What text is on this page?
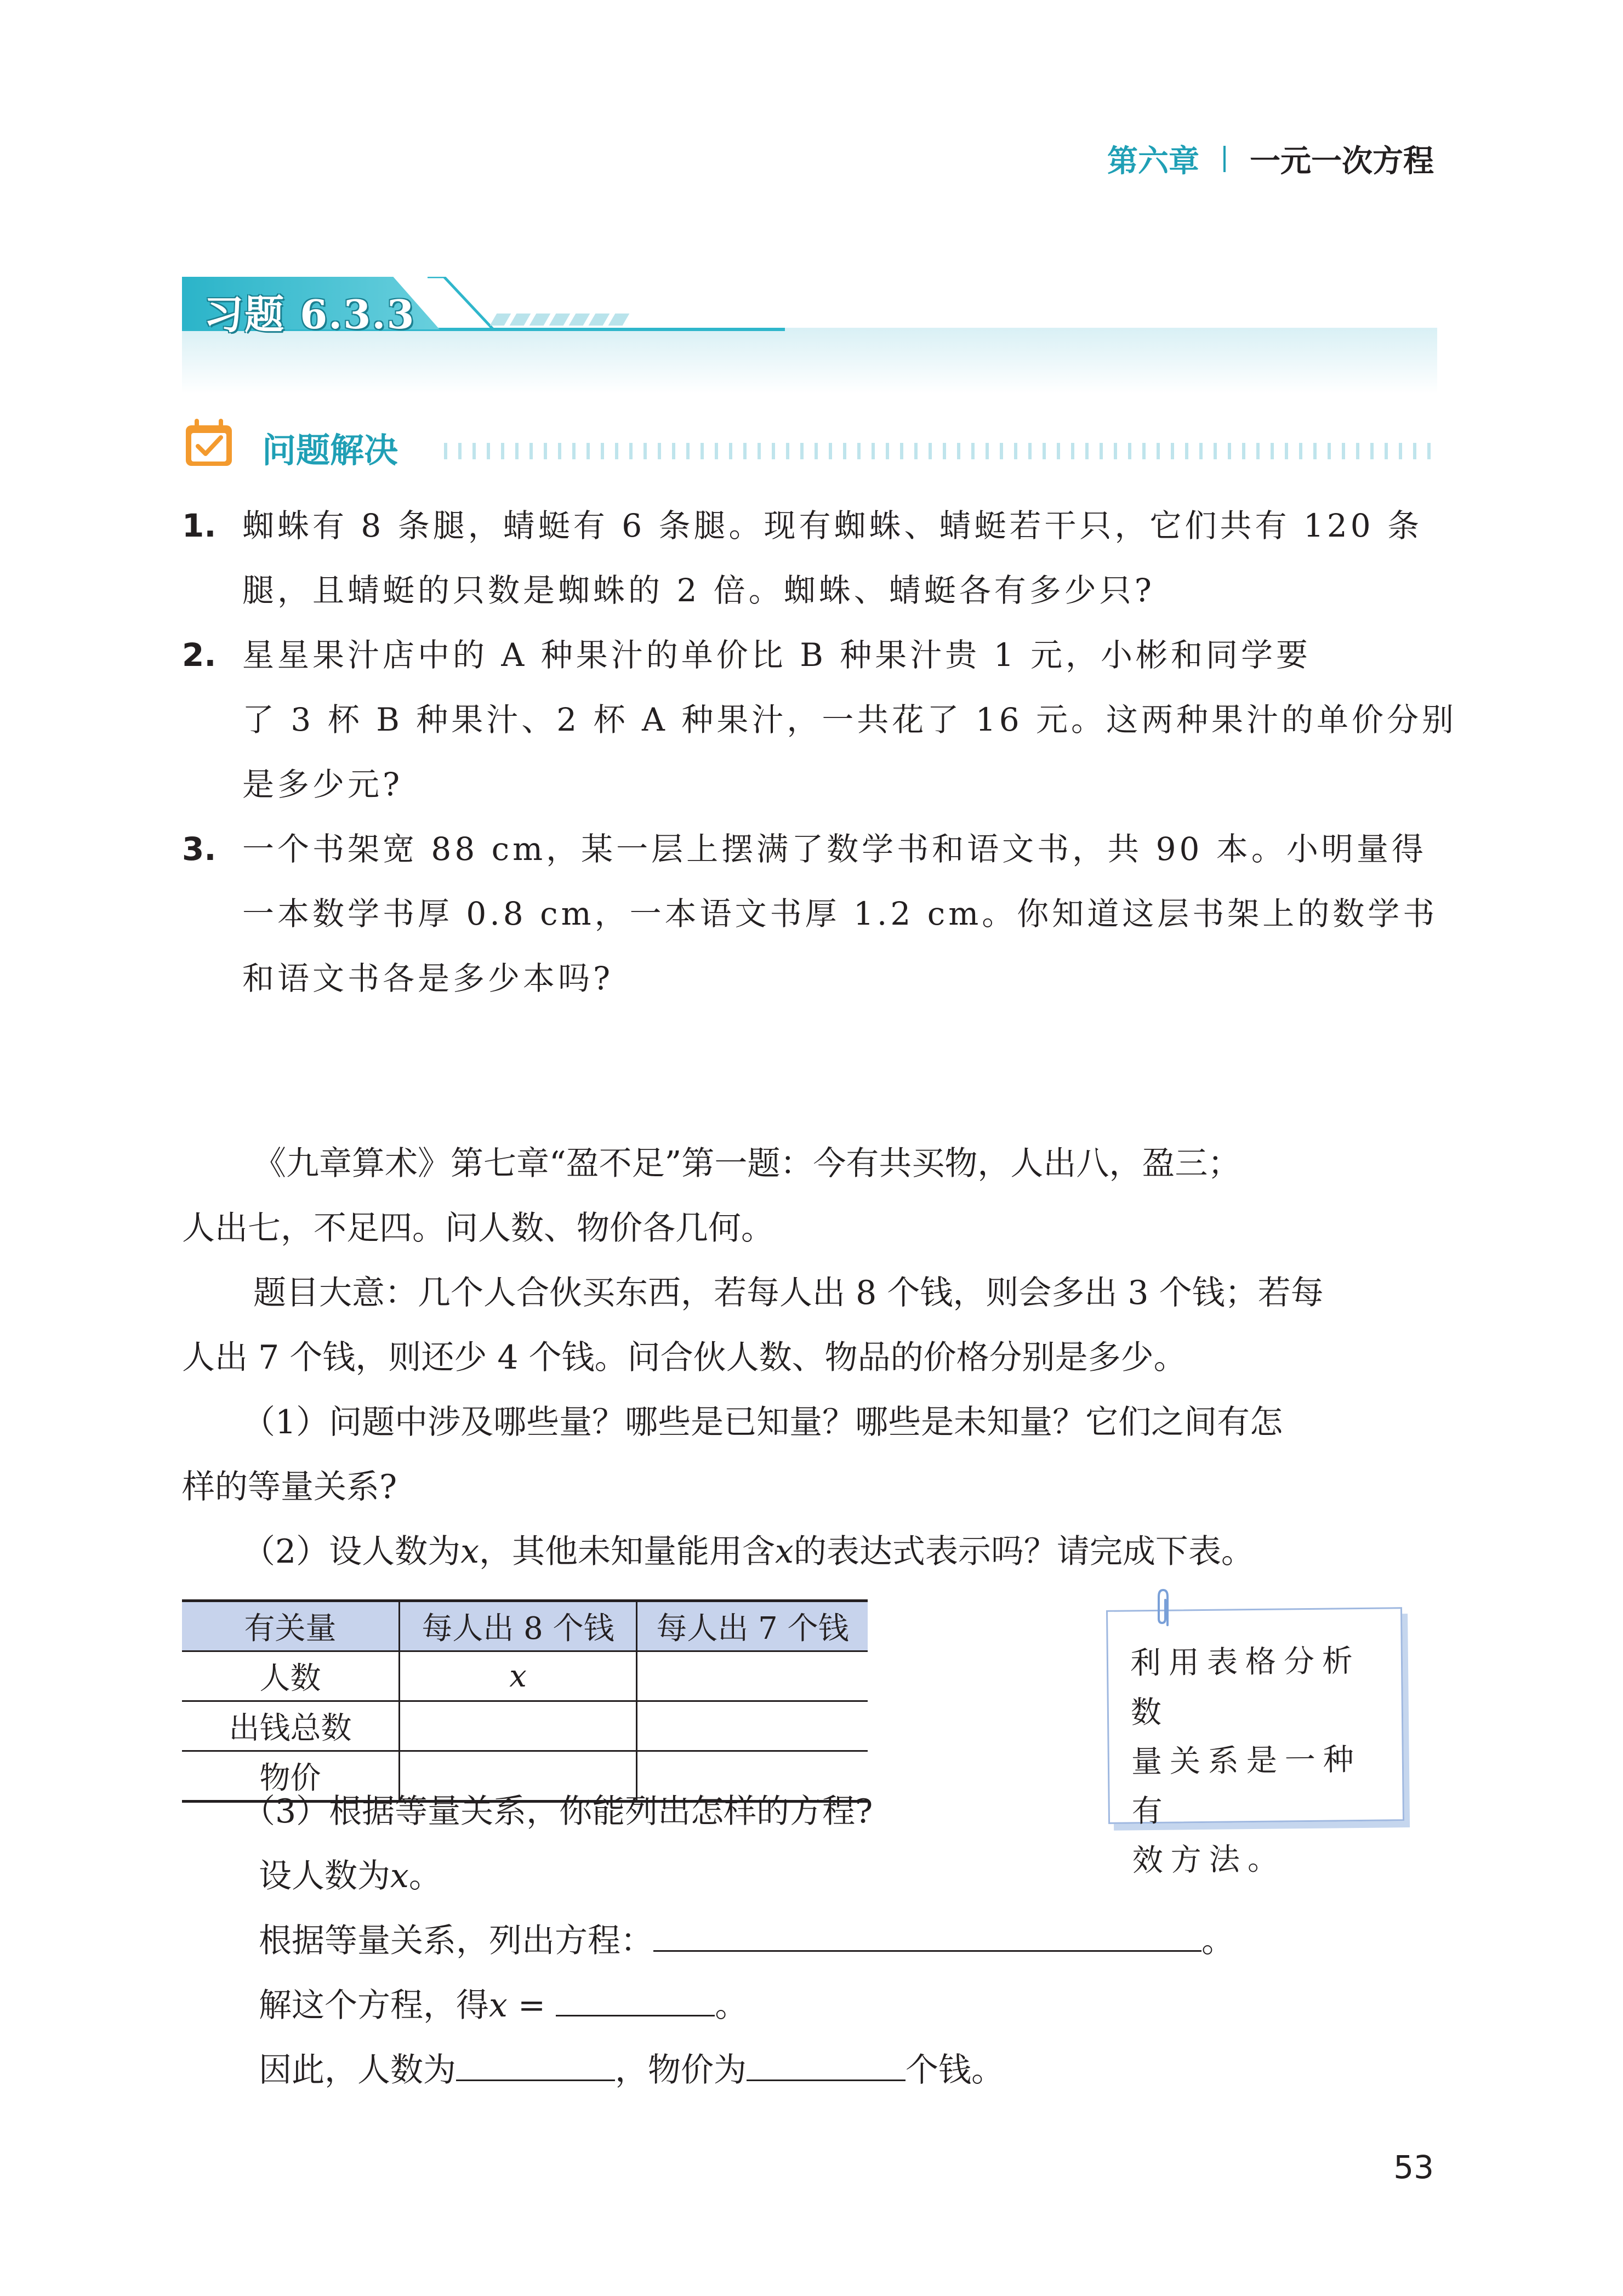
第六章 一元一次方程
习题 6.3.3
问题解决
1. 蜘蛛有 8 条腿，蜻蜓有 6 条腿。现有蜘蛛、蜻蜓若干只，它们共有 120 条
腿，且蜻蜓的只数是蜘蛛的 2 倍。蜘蛛、蜻蜓各有多少只?
2. 星星果汁店中的 A 种果汁的单价比 B 种果汁贵 1 元，小彬和同学要
了 3 杯 B 种果汁、2 杯 A 种果汁，一共花了 16 元。这两种果汁的单价分别
是多少元?
3. 一个书架宽 88 cm，某一层上摆满了数学书和语文书，共 90 本。小明量得
一本数学书厚 0.8 cm，一本语文书厚 1.2 cm。你知道这层书架上的数学书
和语文书各是多少本吗?
《九章算术》第七章“盈不足”第一题：今有共买物，人出八，盈三；
人出七，不足四。问人数、物价各几何。
题目大意：几个人合伙买东西，若每人出 8 个钱，则会多出 3 个钱；若每
人出 7 个钱，则还少 4 个钱。问合伙人数、物品的价格分别是多少。
（1）问题中涉及哪些量？哪些是已知量？哪些是未知量？它们之间有怎
样的等量关系?
（2）设人数为x，其他未知量能用含x的表达式表示吗？请完成下表。
有关量	每人出 8 个钱	每人出 7 个钱
人数	x	
出钱总数		
物价		
利用表格分析数
量关系是一种有
效方法。
（3）根据等量关系，你能列出怎样的方程?
设人数为x。
根据等量关系，列出方程：	。
解这个方程，得x =	。
因此，人数为	，物价为	个钱。
53
